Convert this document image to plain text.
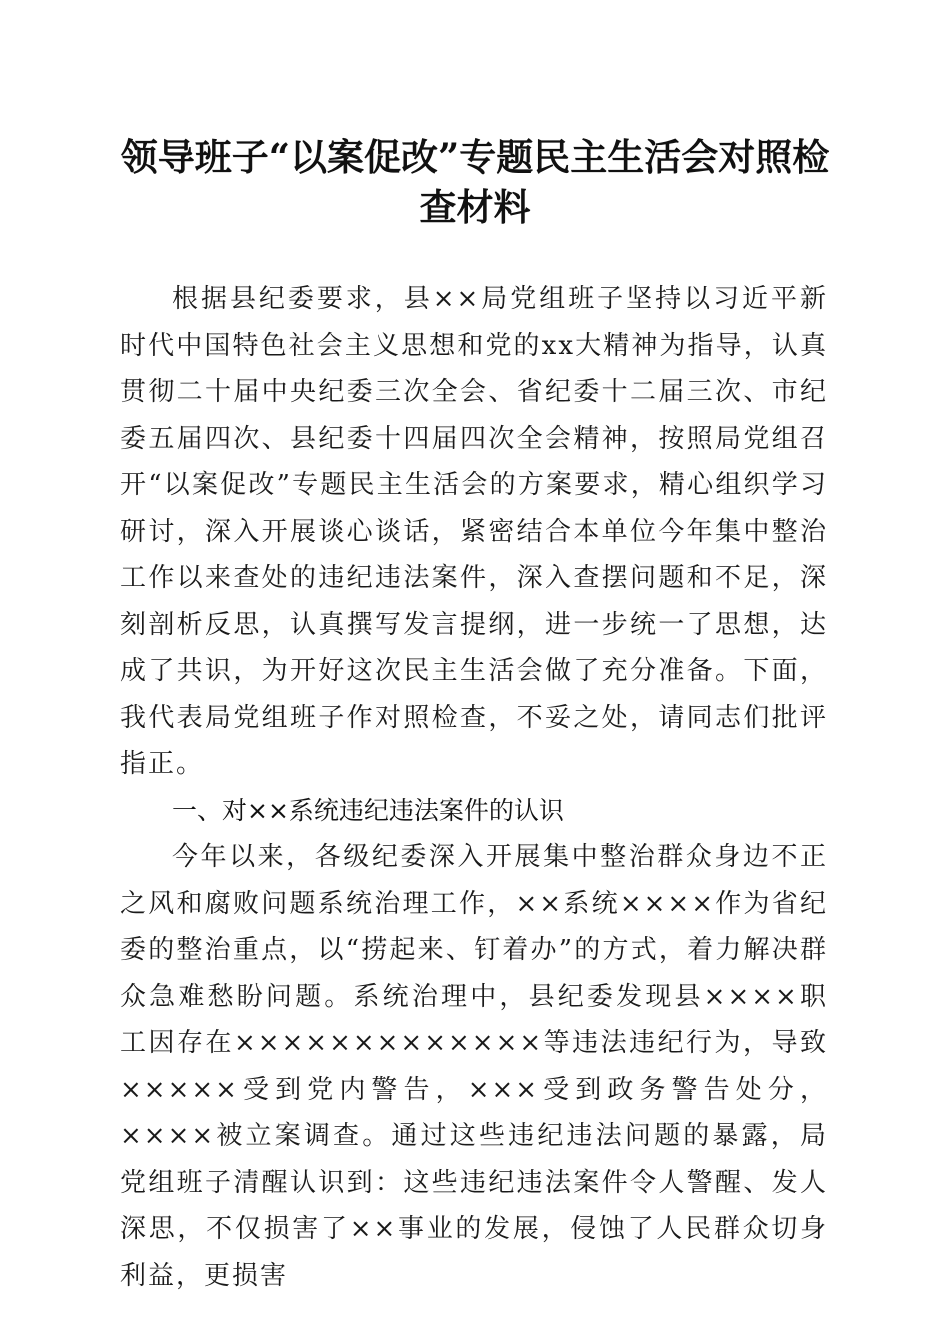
领导班子“以案促改”专题民主生活会对照检查材料

根据县纪委要求，县××局党组班子坚持以习近平新时代中国特色社会主义思想和党的xx大精神为指导，认真贯彻二十届中央纪委三次全会、省纪委十二届三次、市纪委五届四次、县纪委十四届四次全会精神，按照局党组召开“以案促改”专题民主生活会的方案要求，精心组织学习研讨，深入开展谈心谈话，紧密结合本单位今年集中整治工作以来查处的违纪违法案件，深入查摆问题和不足，深刻剖析反思，认真撰写发言提纲，进一步统一了思想，达成了共识，为开好这次民主生活会做了充分准备。下面，我代表局党组班子作对照检查，不妥之处，请同志们批评指正。

一、对××系统违纪违法案件的认识

今年以来，各级纪委深入开展集中整治群众身边不正之风和腐败问题系统治理工作，××系统××××作为省纪委的整治重点，以“捞起来、钉着办”的方式，着力解决群众急难愁盼问题。系统治理中，县纪委发现县××××职工因存在×××××××××××××等违法违纪行为，导致×××××受到党内警告，×××受到政务警告处分，××××被立案调查。通过这些违纪违法问题的暴露，局党组班子清醒认识到：这些违纪违法案件令人警醒、发人深思，不仅损害了××事业的发展，侵蚀了人民群众切身利益，更损害
